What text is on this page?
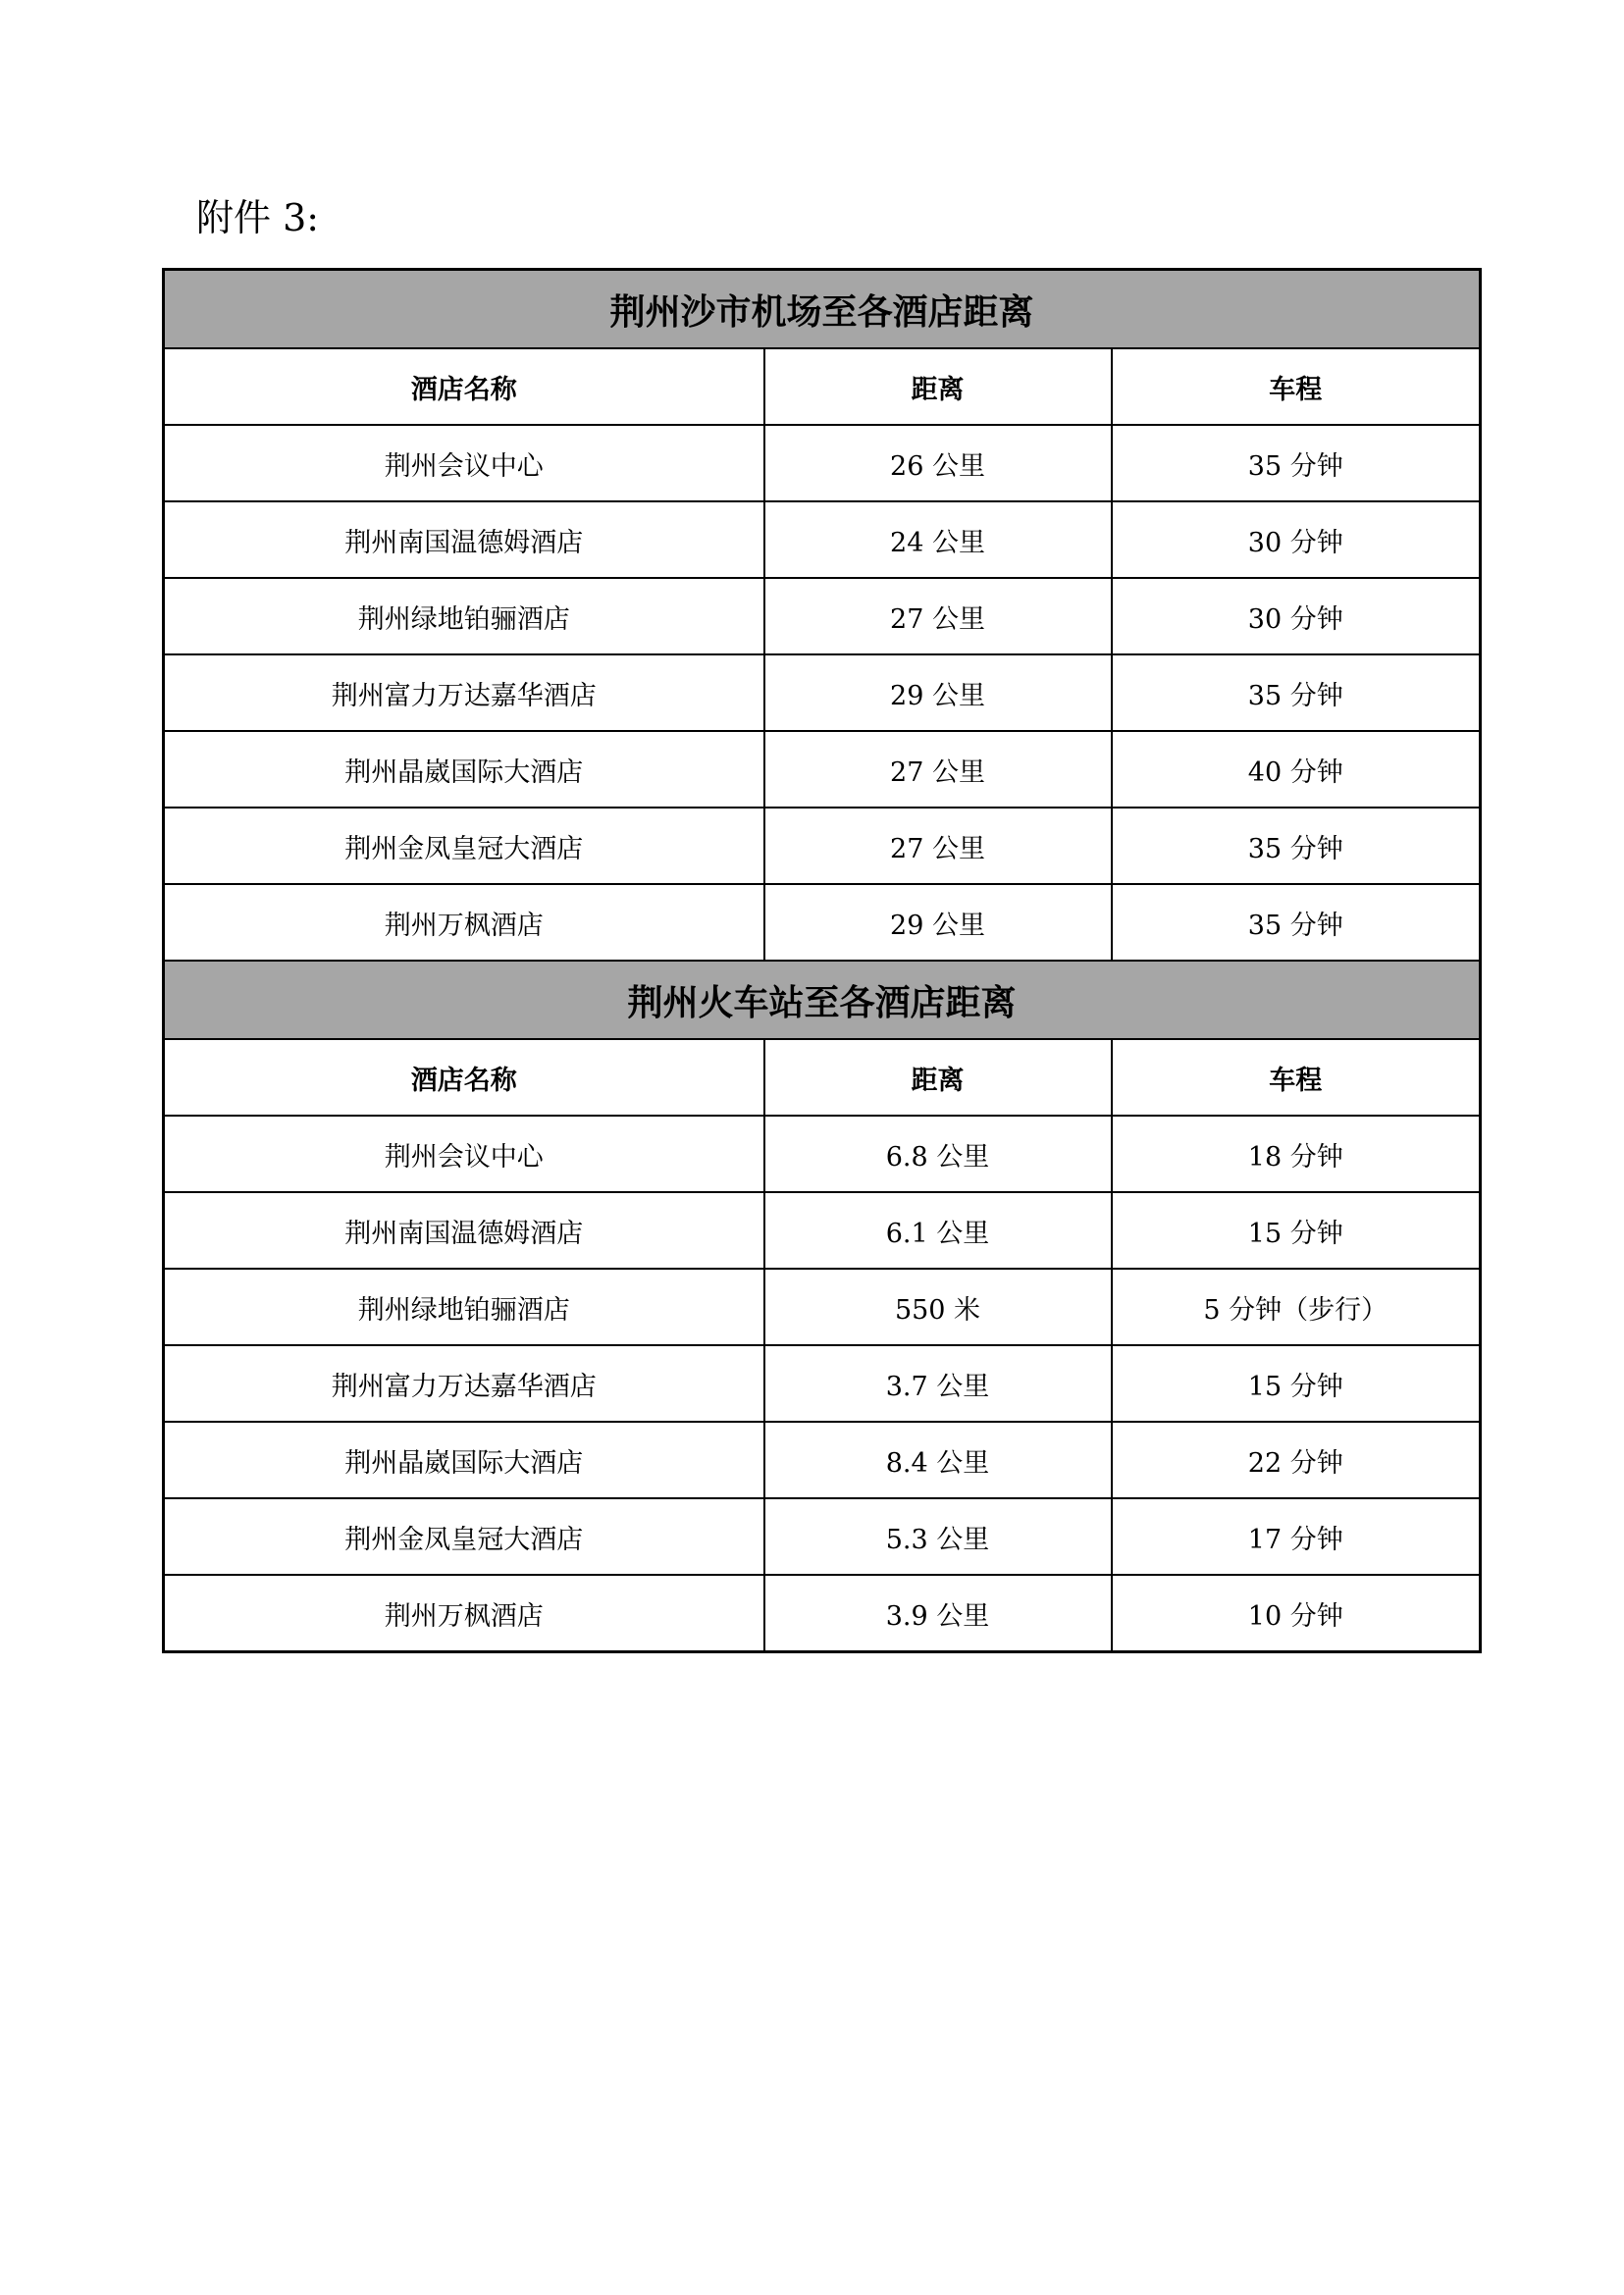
附件 3:
荆州沙市机场至各酒店距离		
酒店名称	距离	车程
荆州会议中心	26 公里	35 分钟
荆州南国温德姆酒店	24 公里	30 分钟
荆州绿地铂骊酒店	27 公里	30 分钟
荆州富力万达嘉华酒店	29 公里	35 分钟
荆州晶崴国际大酒店	27 公里	40 分钟
荆州金凤皇冠大酒店	27 公里	35 分钟
荆州万枫酒店	29 公里	35 分钟
荆州火车站至各酒店距离		
酒店名称	距离	车程
荆州会议中心	6.8 公里	18 分钟
荆州南国温德姆酒店	6.1 公里	15 分钟
荆州绿地铂骊酒店	550 米	5 分钟（步行）
荆州富力万达嘉华酒店	3.7 公里	15 分钟
荆州晶崴国际大酒店	8.4 公里	22 分钟
荆州金凤皇冠大酒店	5.3 公里	17 分钟
荆州万枫酒店	3.9 公里	10 分钟
